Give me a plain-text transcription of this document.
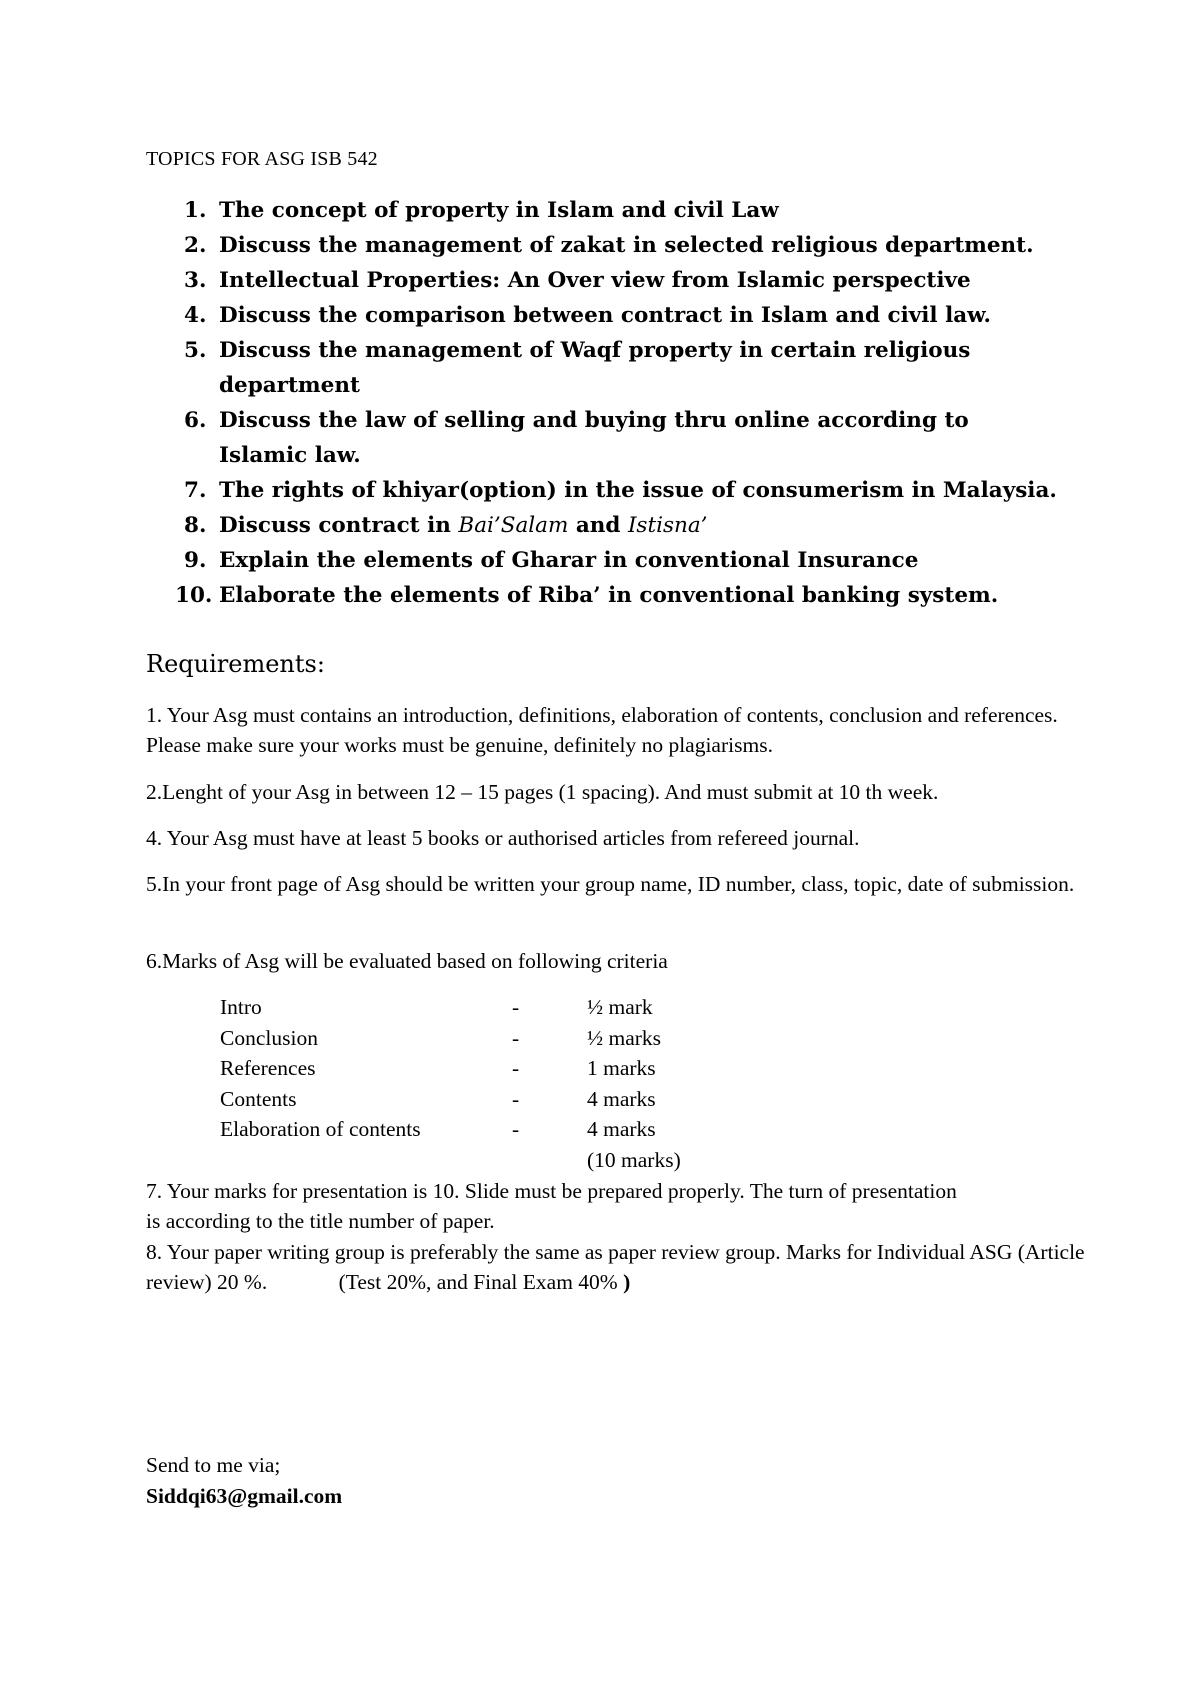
TOPICS FOR ASG ISB 542
1. The concept of property in Islam and civil Law
2. Discuss the management of zakat in selected religious department.
3. Intellectual Properties: An Over view from Islamic perspective
4. Discuss the comparison between contract in Islam and civil law.
5. Discuss the management of Waqf property in certain religious department
6. Discuss the law of selling and buying thru online according to Islamic law.
7. The rights of khiyar(option) in the issue of consumerism in Malaysia.
8. Discuss contract in Bai’Salam and Istisna’
9. Explain the elements of Gharar in conventional Insurance
10. Elaborate the elements of Riba’ in conventional banking system.
Requirements:
1. Your Asg must contains an introduction, definitions, elaboration of contents, conclusion and references. Please make sure your works must be genuine, definitely no plagiarisms.
2.Lenght of your Asg in between 12 – 15 pages (1 spacing). And must submit at 10 th week.
4. Your Asg must have at least 5 books or authorised articles from refereed journal.
5.In your front page of Asg should be written your group name, ID number, class, topic, date of submission.
6.Marks of Asg will be evaluated based on following criteria
Intro	-	½ mark
Conclusion	-	½ marks
References	-	1 marks
Contents	-	4 marks
Elaboration of contents	-	4 marks
(10 marks)
7. Your marks for presentation is 10. Slide must be prepared properly. The turn of presentation is according to the title number of paper.
8. Your paper writing group is preferably the same as paper review group. Marks for Individual ASG (Article review) 20 %.	(Test 20%, and Final Exam 40% )
Send to me via;
Siddqi63@gmail.com
